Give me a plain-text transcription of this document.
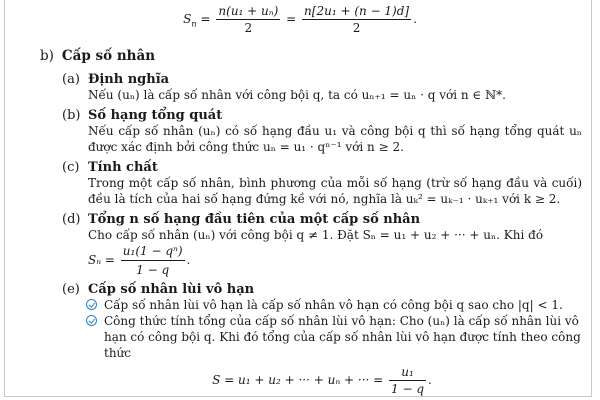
$S_n = \frac{\text{n(u₁ + uₙ)}}{2} = \frac{\text{n[2u₁ + (n − 1)d]}}{2}$ .
b) Cấp số nhân
(a) Định nghĩa
Nếu (uₙ) là cấp số nhân với công bội q, ta có uₙ₊₁ = uₙ · q với n ∈ ℕ*.
(b) Số hạng tổng quát
Nếu cấp số nhân (uₙ) có số hạng đầu u₁ và công bội q thì số hạng tổng quát uₙ được xác định bởi công thức uₙ = u₁ · qⁿ⁻¹ với n ≥ 2.
(c) Tính chất
Trong một cấp số nhân, bình phương của mỗi số hạng (trừ số hạng đầu và cuối) đều là tích của hai số hạng đứng kề với nó, nghĩa là uₖ² = uₖ₋₁ · uₖ₊₁ với k ≥ 2.
(d) Tổng n số hạng đầu tiên của một cấp số nhân
Cho cấp số nhân (uₙ) với công bội q ≠ 1. Đặt Sₙ = u₁ + u₂ + ··· + uₙ. Khi đó
$S_n = \frac{\text{u₁(1 − qⁿ)}}{1 - q}$ .
(e) Cấp số nhân lùi vô hạn
Cấp số nhân lùi vô hạn là cấp số nhân vô hạn có công bội q sao cho |q| < 1.
Công thức tính tổng của cấp số nhân lùi vô hạn: Cho (uₙ) là cấp số nhân lùi vô hạn có công bội q. Khi đó tổng của cấp số nhân lùi vô hạn được tính theo công thức
S = u₁ + u₂ + ··· + uₙ + ··· = $\frac{\text{u₁}}{1 - q}$ .
